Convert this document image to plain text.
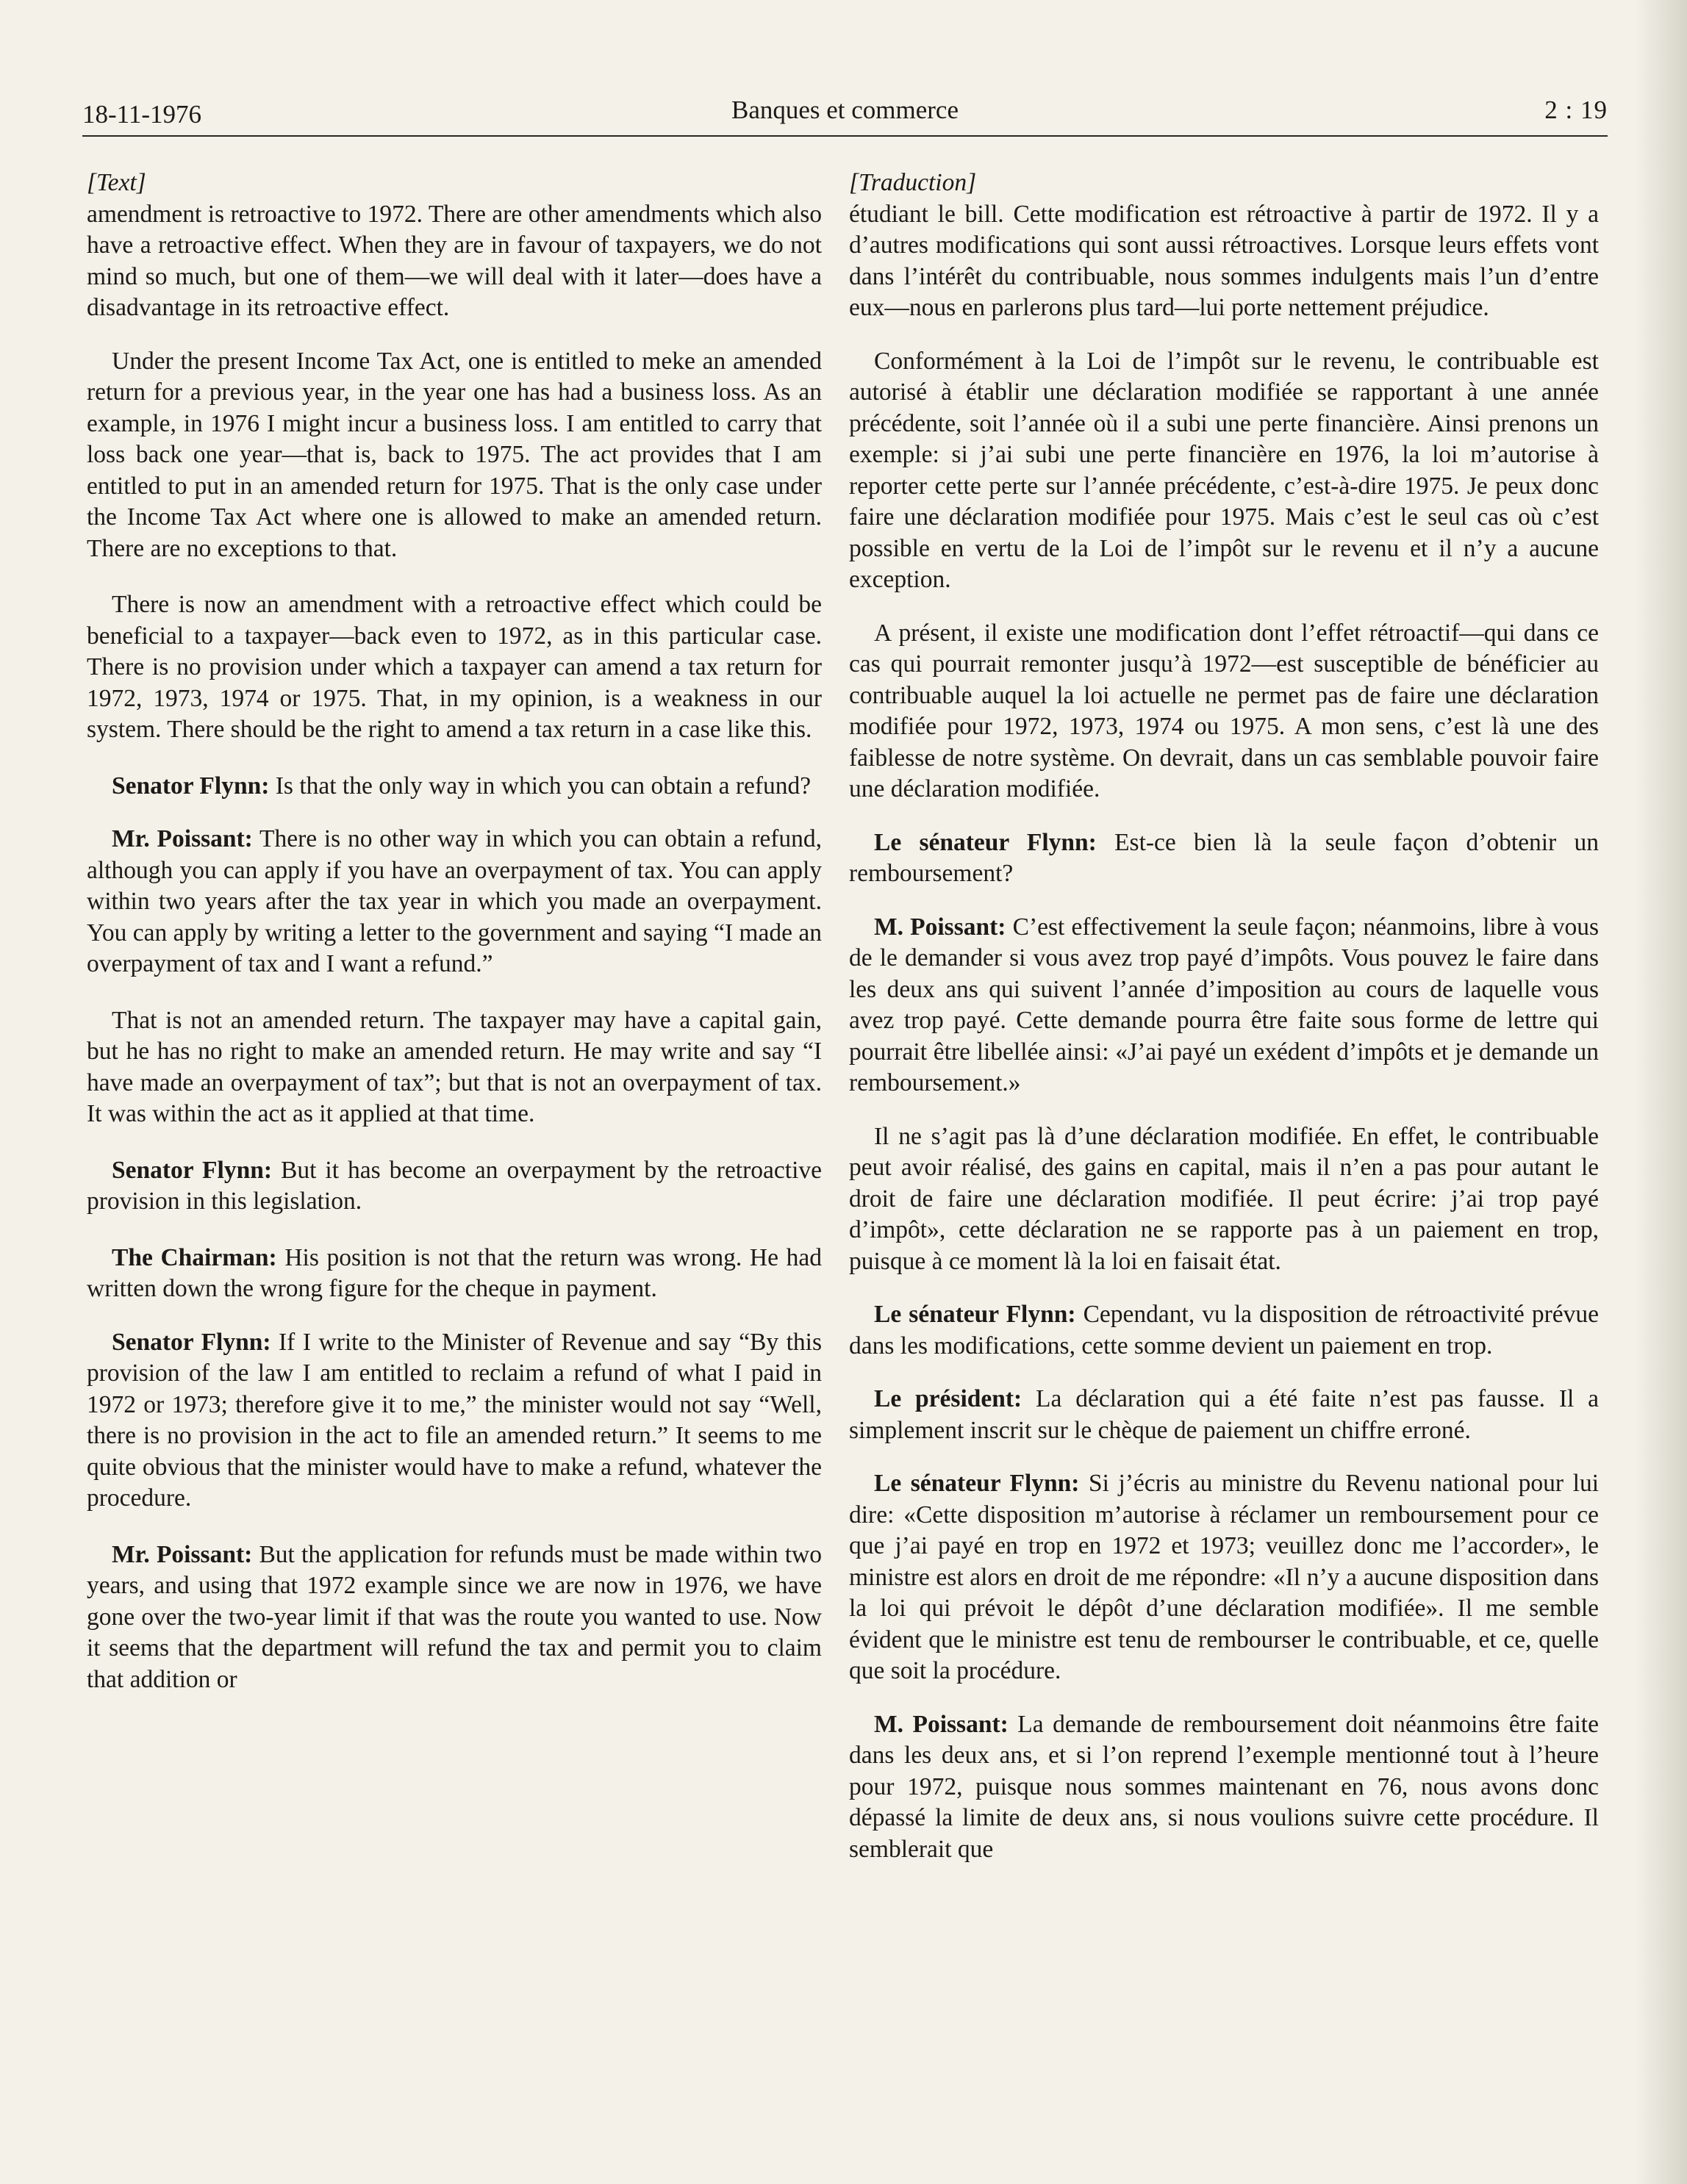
18-11-1976	Banques et commerce	2 : 19

[Text]

amendment is retroactive to 1972. There are other amendments which also have a retroactive effect. When they are in favour of taxpayers, we do not mind so much, but one of them—we will deal with it later—does have a disadvantage in its retroactive effect.

Under the present Income Tax Act, one is entitled to meke an amended return for a previous year, in the year one has had a business loss. As an example, in 1976 I might incur a business loss. I am entitled to carry that loss back one year—that is, back to 1975. The act provides that I am entitled to put in an amended return for 1975. That is the only case under the Income Tax Act where one is allowed to make an amended return. There are no exceptions to that.

There is now an amendment with a retroactive effect which could be beneficial to a taxpayer—back even to 1972, as in this particular case. There is no provision under which a taxpayer can amend a tax return for 1972, 1973, 1974 or 1975. That, in my opinion, is a weakness in our system. There should be the right to amend a tax return in a case like this.

Senator Flynn: Is that the only way in which you can obtain a refund?

Mr. Poissant: There is no other way in which you can obtain a refund, although you can apply if you have an overpayment of tax. You can apply within two years after the tax year in which you made an overpayment. You can apply by writing a letter to the government and saying “I made an overpayment of tax and I want a refund.”

That is not an amended return. The taxpayer may have a capital gain, but he has no right to make an amended return. He may write and say “I have made an overpayment of tax”; but that is not an overpayment of tax. It was within the act as it applied at that time.

Senator Flynn: But it has become an overpayment by the retroactive provision in this legislation.

The Chairman: His position is not that the return was wrong. He had written down the wrong figure for the cheque in payment.

Senator Flynn: If I write to the Minister of Revenue and say “By this provision of the law I am entitled to reclaim a refund of what I paid in 1972 or 1973; therefore give it to me,” the minister would not say “Well, there is no provision in the act to file an amended return.” It seems to me quite obvious that the minister would have to make a refund, whatever the procedure.

Mr. Poissant: But the application for refunds must be made within two years, and using that 1972 example since we are now in 1976, we have gone over the two-year limit if that was the route you wanted to use. Now it seems that the department will refund the tax and permit you to claim that addition or

[Traduction]

étudiant le bill. Cette modification est rétroactive à partir de 1972. Il y a d’autres modifications qui sont aussi rétroactives. Lorsque leurs effets vont dans l’intérêt du contribuable, nous sommes indulgents mais l’un d’entre eux—nous en parlerons plus tard—lui porte nettement préjudice.

Conformément à la Loi de l’impôt sur le revenu, le contribuable est autorisé à établir une déclaration modifiée se rapportant à une année précédente, soit l’année où il a subi une perte financière. Ainsi prenons un exemple: si j’ai subi une perte financière en 1976, la loi m’autorise à reporter cette perte sur l’année précédente, c’est-à-dire 1975. Je peux donc faire une déclaration modifiée pour 1975. Mais c’est le seul cas où c’est possible en vertu de la Loi de l’impôt sur le revenu et il n’y a aucune exception.

A présent, il existe une modification dont l’effet rétroactif—qui dans ce cas qui pourrait remonter jusqu’à 1972—est susceptible de bénéficier au contribuable auquel la loi actuelle ne permet pas de faire une déclaration modifiée pour 1972, 1973, 1974 ou 1975. A mon sens, c’est là une des faiblesse de notre système. On devrait, dans un cas semblable pouvoir faire une déclaration modifiée.

Le sénateur Flynn: Est-ce bien là la seule façon d’obtenir un remboursement?

M. Poissant: C’est effectivement la seule façon; néanmoins, libre à vous de le demander si vous avez trop payé d’impôts. Vous pouvez le faire dans les deux ans qui suivent l’année d’imposition au cours de laquelle vous avez trop payé. Cette demande pourra être faite sous forme de lettre qui pourrait être libellée ainsi: «J’ai payé un exédent d’impôts et je demande un remboursement.»

Il ne s’agit pas là d’une déclaration modifiée. En effet, le contribuable peut avoir réalisé, des gains en capital, mais il n’en a pas pour autant le droit de faire une déclaration modifiée. Il peut écrire: j’ai trop payé d’impôt», cette déclaration ne se rapporte pas à un paiement en trop, puisque à ce moment là la loi en faisait état.

Le sénateur Flynn: Cependant, vu la disposition de rétroactivité prévue dans les modifications, cette somme devient un paiement en trop.

Le président: La déclaration qui a été faite n’est pas fausse. Il a simplement inscrit sur le chèque de paiement un chiffre erroné.

Le sénateur Flynn: Si j’écris au ministre du Revenu national pour lui dire: «Cette disposition m’autorise à réclamer un remboursement pour ce que j’ai payé en trop en 1972 et 1973; veuillez donc me l’accorder», le ministre est alors en droit de me répondre: «Il n’y a aucune disposition dans la loi qui prévoit le dépôt d’une déclaration modifiée». Il me semble évident que le ministre est tenu de rembourser le contribuable, et ce, quelle que soit la procédure.

M. Poissant: La demande de remboursement doit néanmoins être faite dans les deux ans, et si l’on reprend l’exemple mentionné tout à l’heure pour 1972, puisque nous sommes maintenant en 76, nous avons donc dépassé la limite de deux ans, si nous voulions suivre cette procédure. Il semblerait que
